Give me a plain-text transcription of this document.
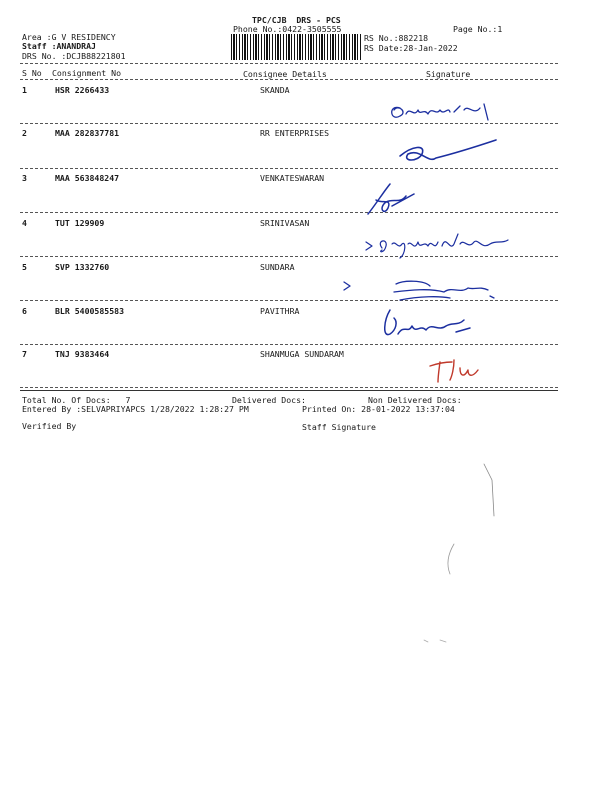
TPC/CJB  DRS - PCS
Phone No.:0422-3505555	Page No.:1
Area :G V RESIDENCY
Staff :ANANDRAJ
DRS No. :DCJB88221801
RS No.:882218
RS Date:28-Jan-2022
S No Consignment No	Consignee Details	Signature
1	HSR 2266433	SKANDA
2	MAA 282837781	RR ENTERPRISES
3	MAA 563848247	VENKATESWARAN
4	TUT 129909	SRINIVASAN
5	SVP 1332760	SUNDARA
6	BLR 5400585583	PAVITHRA
7	TNJ 9383464	SHANMUGA SUNDARAM
Total No. Of Docs:   7	Delivered Docs:	Non Delivered Docs:
Entered By :SELVAPRIYAPCS 1/28/2022 1:28:27 PM	Printed On: 28-01-2022 13:37:04
Verified By	Staff Signature
